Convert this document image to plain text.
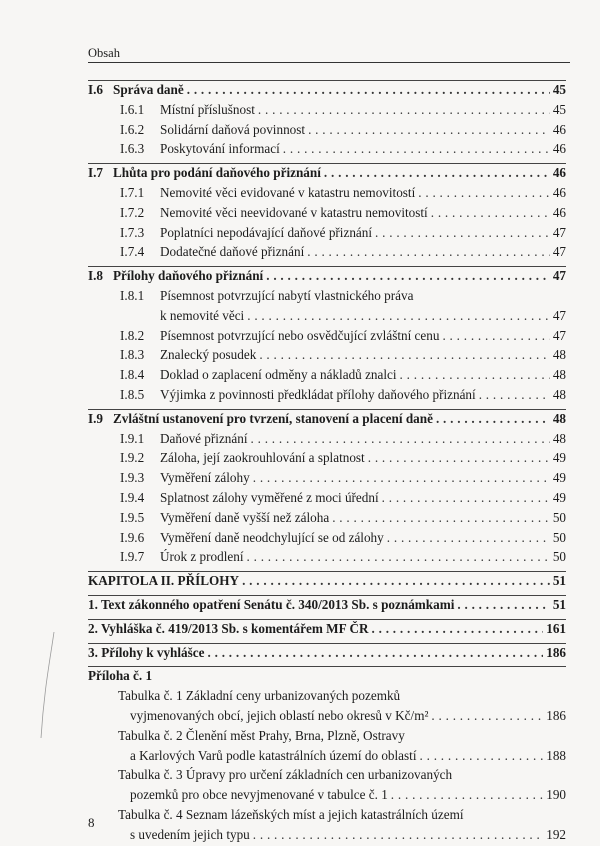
Obsah
I.6 Správa daně . . .	45
I.6.1	Místní příslušnost . . .	45
I.6.2	Solidární daňová povinnost . . .	46
I.6.3	Poskytování informací . . .	46
I.7 Lhůta pro podání daňového přiznání . . .	46
I.7.1	Nemovité věci evidované v katastru nemovitostí . . .	46
I.7.2	Nemovité věci neevidované v katastru nemovitostí . . .	46
I.7.3	Poplatníci nepodávající daňové přiznání . . .	47
I.7.4	Dodatečné daňové přiznání . . .	47
I.8 Přílohy daňového přiznání . . .	47
I.8.1	Písemnost potvrzující nabytí vlastnického práva
k nemovité věci . . .	47
I.8.2	Písemnost potvrzující nebo osvědčující zvláštní cenu . . .	47
I.8.3	Znalecký posudek . . .	48
I.8.4	Doklad o zaplacení odměny a nákladů znalci . . .	48
I.8.5	Výjimka z povinnosti předkládat přílohy daňového přiznání . . .	48
I.9 Zvláštní ustanovení pro tvrzení, stanovení a placení daně . . .	48
I.9.1	Daňové přiznání . . .	48
I.9.2	Záloha, její zaokrouhlování a splatnost . . .	49
I.9.3	Vyměření zálohy . . .	49
I.9.4	Splatnost zálohy vyměřené z moci úřední . . .	49
I.9.5	Vyměření daně vyšší než záloha . . .	50
I.9.6	Vyměření daně neodchylující se od zálohy . . .	50
I.9.7	Úrok z prodlení . . .	50
KAPITOLA II. PŘÍLOHY . . .	51
1. Text zákonného opatření Senátu č. 340/2013 Sb. s poznámkami . . .	51
2. Vyhláška č. 419/2013 Sb. s komentářem MF ČR . . .	161
3. Přílohy k vyhlášce . . .	186
Příloha č. 1
Tabulka č. 1 Základní ceny urbanizovaných pozemků
vyjmenovaných obcí, jejich oblastí nebo okresů v Kč/m² . . .	186
Tabulka č. 2 Členění měst Prahy, Brna, Plzně, Ostravy
a Karlových Varů podle katastrálních území do oblastí . . .	188
Tabulka č. 3 Úpravy pro určení základních cen urbanizovaných
pozemků pro obce nevyjmenované v tabulce č. 1 . . .	190
Tabulka č. 4 Seznam lázeňských míst a jejich katastrálních území
s uvedením jejich typu . . .	192
8
